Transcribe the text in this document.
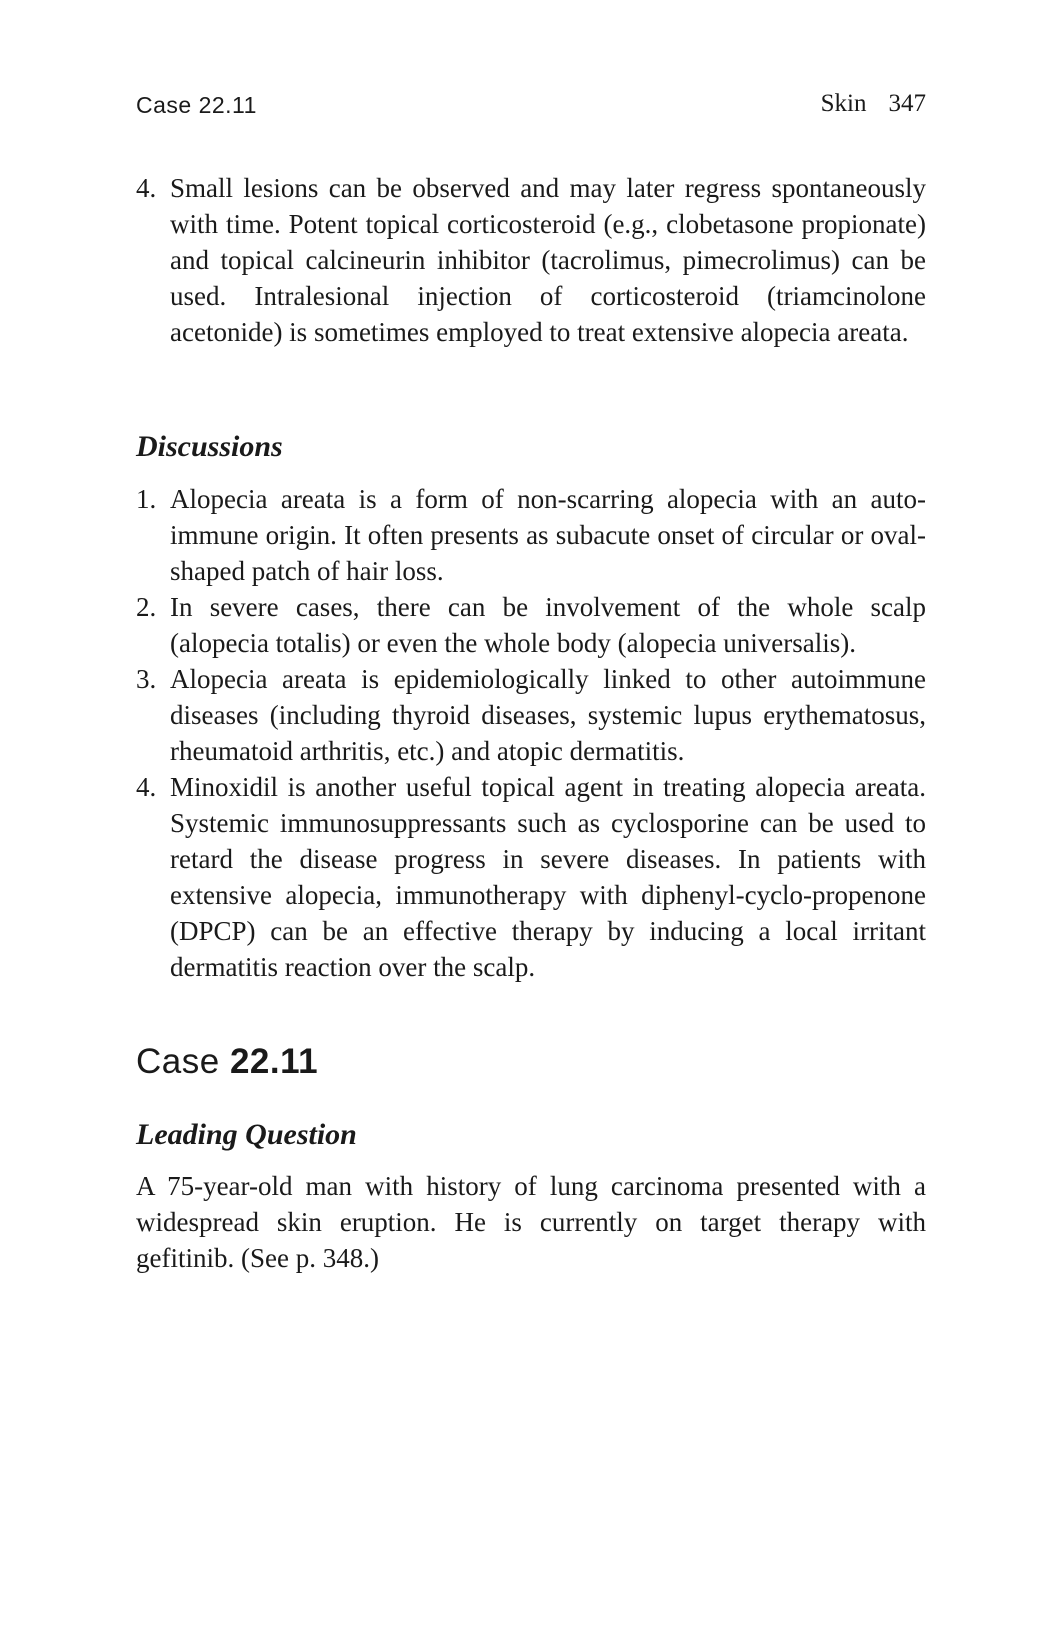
Case 22.11	Skin 347
4. Small lesions can be observed and may later regress spontaneously with time. Potent topical corticosteroid (e.g., clobetasone propionate) and topical calcineurin inhibitor (tacrolimus, pimecrolimus) can be used. Intralesional injection of corticosteroid (triamcinolone acetonide) is sometimes employed to treat extensive alopecia areata.
Discussions
1. Alopecia areata is a form of non-scarring alopecia with an autoimmune origin. It often presents as subacute onset of circular or oval-shaped patch of hair loss.
2. In severe cases, there can be involvement of the whole scalp (alopecia totalis) or even the whole body (alopecia universalis).
3. Alopecia areata is epidemiologically linked to other autoimmune diseases (including thyroid diseases, systemic lupus erythematosus, rheumatoid arthritis, etc.) and atopic dermatitis.
4. Minoxidil is another useful topical agent in treating alopecia areata. Systemic immunosuppressants such as cyclosporine can be used to retard the disease progress in severe diseases. In patients with extensive alopecia, immunotherapy with diphenyl-cyclo-propenone (DPCP) can be an effective therapy by inducing a local irritant dermatitis reaction over the scalp.
Case 22.11
Leading Question

A 75-year-old man with history of lung carcinoma presented with a widespread skin eruption. He is currently on target therapy with gefitinib. (See p. 348.)
